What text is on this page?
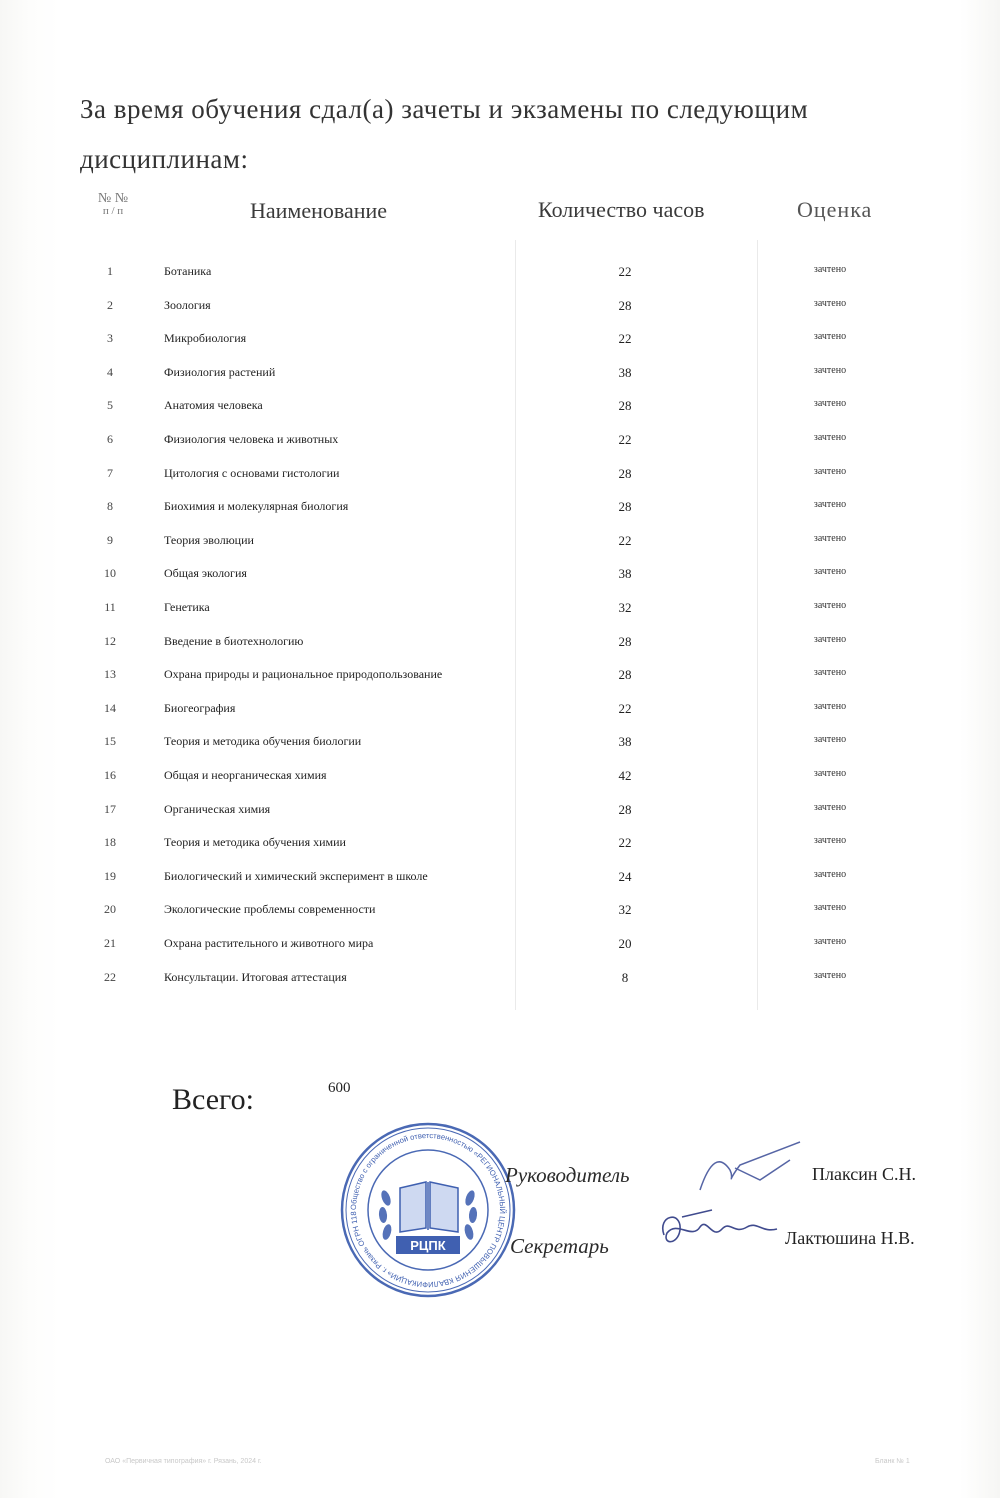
За время обучения сдал(а) зачеты и экзамены по следующим
дисциплинам:
№ №
п / п	Наименование	Количество часов	Оценка
1	Ботаника	22	зачтено
2	Зоология	28	зачтено
3	Микробиология	22	зачтено
4	Физиология растений	38	зачтено
5	Анатомия человека	28	зачтено
6	Физиология человека и животных	22	зачтено
7	Цитология с основами гистологии	28	зачтено
8	Биохимия и молекулярная биология	28	зачтено
9	Теория эволюции	22	зачтено
10	Общая экология	38	зачтено
11	Генетика	32	зачтено
12	Введение в биотехнологию	28	зачтено
13	Охрана природы и рациональное природопользование	28	зачтено
14	Биогеография	22	зачтено
15	Теория и методика обучения биологии	38	зачтено
16	Общая и неорганическая химия	42	зачтено
17	Органическая химия	28	зачтено
18	Теория и методика обучения химии	22	зачтено
19	Биологический и химический эксперимент в школе	24	зачтено
20	Экологические проблемы современности	32	зачтено
21	Охрана растительного и животного мира	20	зачтено
22	Консультации. Итоговая аттестация	8	зачтено
Всего:	600
Общество с ограниченной ответственностью «РЕГИОНАЛЬНЫЙ ЦЕНТР ПОВЫШЕНИЯ КВАЛИФИКАЦИИ» г. Рязань ОГРН 1186234001315
РЦПК
Руководитель	Плаксин С.Н.
Секретарь	Лактюшина Н.В.
ОАО «Первичная типография» г. Рязань, 2024 г.	Бланк № 1
